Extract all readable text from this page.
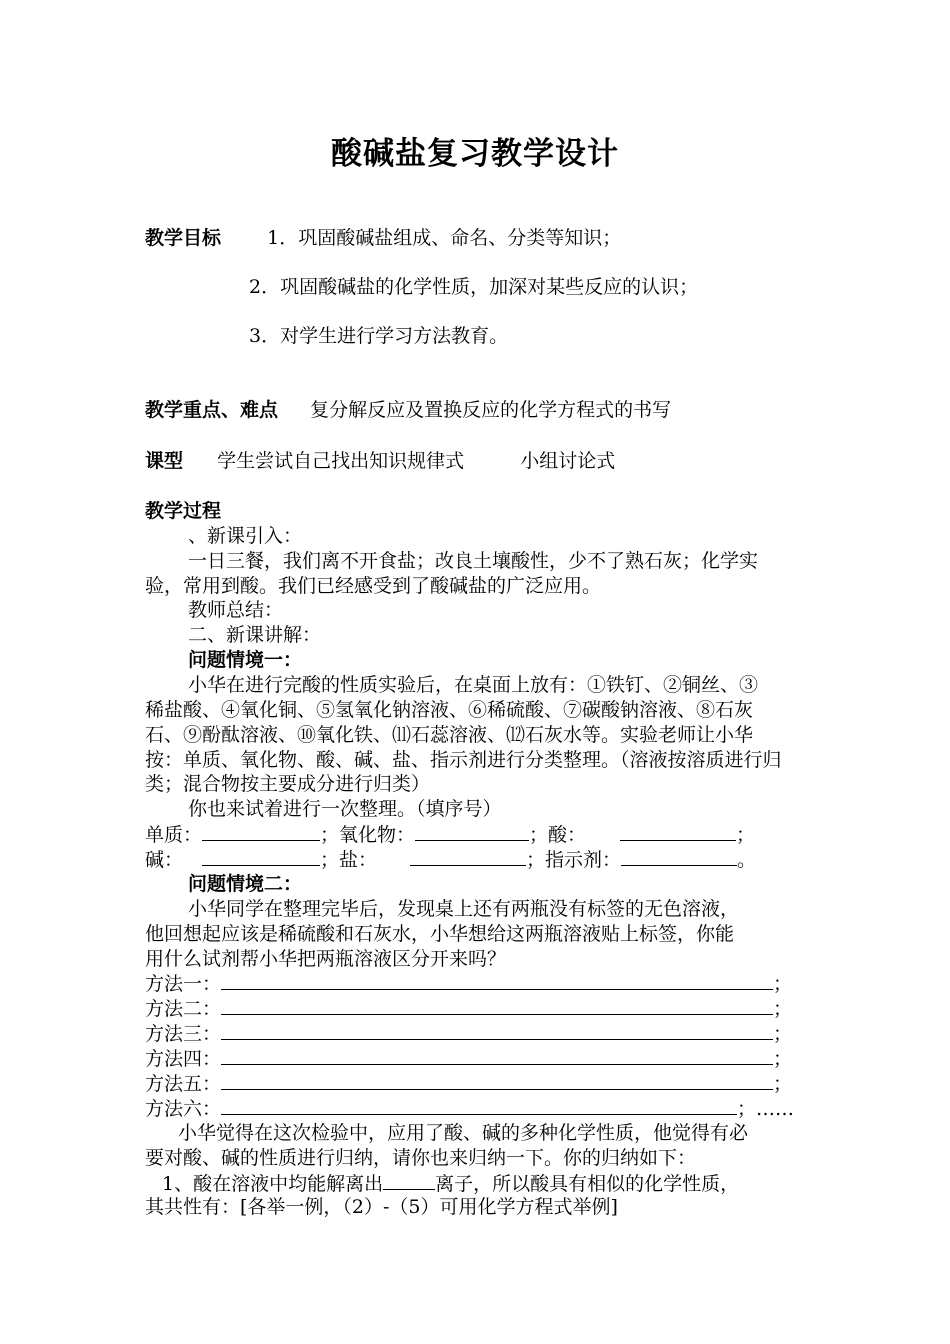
酸碱盐复习教学设计
教学目标 1．巩固酸碱盐组成、命名、分类等知识；
2．巩固酸碱盐的化学性质，加深对某些反应的认识；
3．对学生进行学习方法教育。
教学重点、难点 复分解反应及置换反应的化学方程式的书写
课型 学生尝试自己找出知识规律式	小组讨论式
教学过程
、新课引入：
一日三餐，我们离不开食盐；改良土壤酸性，少不了熟石灰；化学实
验，常用到酸。我们已经感受到了酸碱盐的广泛应用。
教师总结：
二、新课讲解：
问题情境一：
小华在进行完酸的性质实验后，在桌面上放有：①铁钉、②铜丝、③
稀盐酸、④氧化铜、⑤氢氧化钠溶液、⑥稀硫酸、⑦碳酸钠溶液、⑧石灰
石、⑨酚酞溶液、⑩氧化铁、⑾石蕊溶液、⑿石灰水等。实验老师让小华
按：单质、氧化物、酸、碱、盐、指示剂进行分类整理。（溶液按溶质进行归
类；混合物按主要成分进行归类）
你也来试着进行一次整理。（填序号）
单质：	；氧化物：	；酸：	；
碱：	；盐：	；指示剂：	。
问题情境二：
小华同学在整理完毕后，发现桌上还有两瓶没有标签的无色溶液，
他回想起应该是稀硫酸和石灰水，小华想给这两瓶溶液贴上标签，你能
用什么试剂帮小华把两瓶溶液区分开来吗？
方法一：	；
方法二：	；
方法三：	；
方法四：	；
方法五：	；
方法六：	；……
小华觉得在这次检验中，应用了酸、碱的多种化学性质，他觉得有必
要对酸、碱的性质进行归纳，请你也来归纳一下。你的归纳如下：
1、酸在溶液中均能解离出	离子，所以酸具有相似的化学性质，
其共性有：[各举一例，（2）-（5）可用化学方程式举例]
